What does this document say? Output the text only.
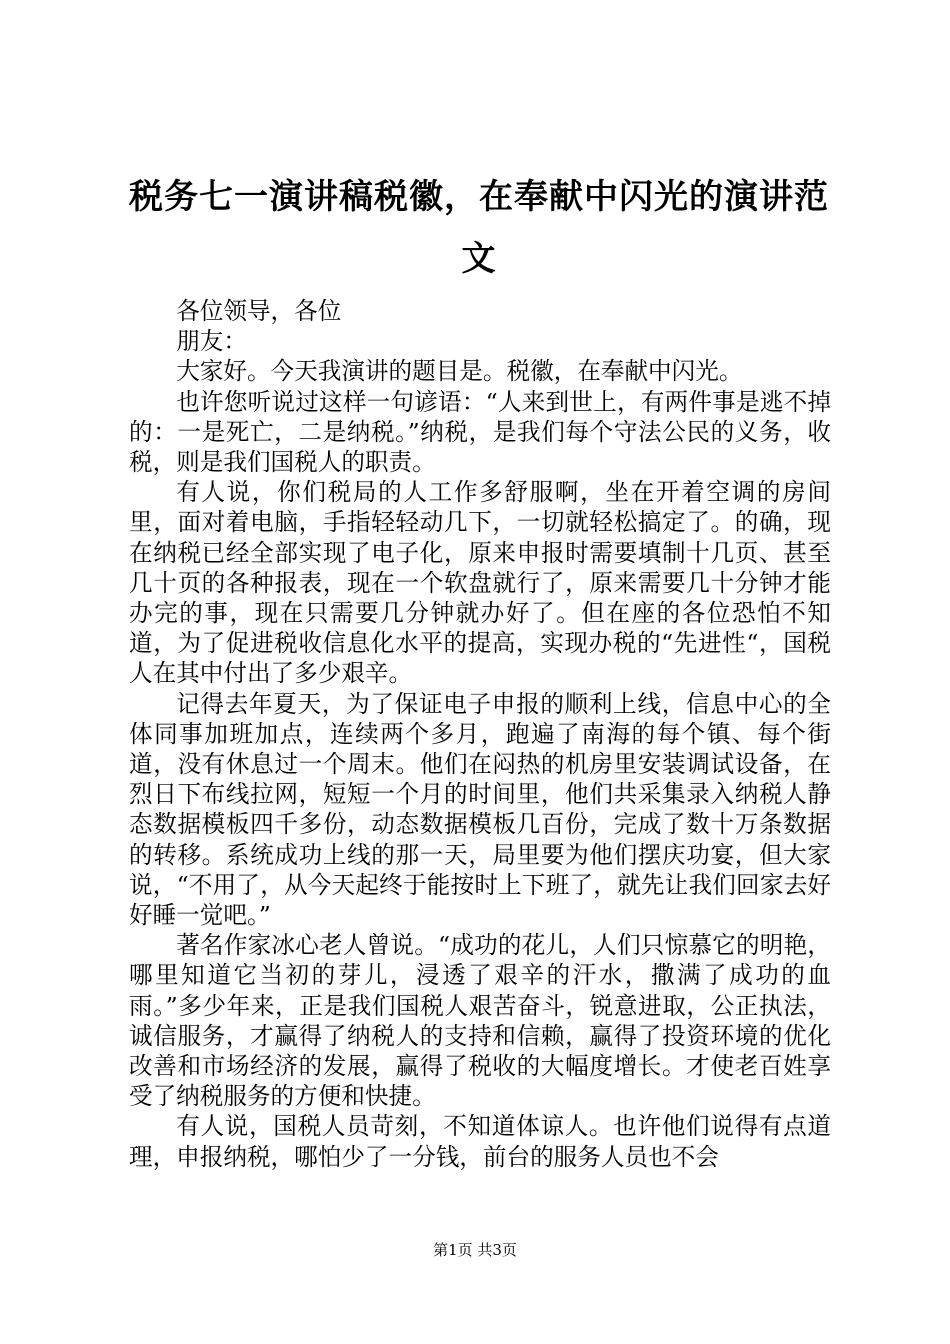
税务七一演讲稿税徽，在奉献中闪光的演讲范文

各位领导，各位

朋友：

大家好。今天我演讲的题目是。税徽，在奉献中闪光。

也许您听说过这样一句谚语：“人来到世上，有两件事是逃不掉的：一是死亡，二是纳税。”纳税，是我们每个守法公民的义务，收税，则是我们国税人的职责。

有人说，你们税局的人工作多舒服啊，坐在开着空调的房间里，面对着电脑，手指轻轻动几下，一切就轻松搞定了。的确，现在纳税已经全部实现了电子化，原来申报时需要填制十几页、甚至几十页的各种报表，现在一个软盘就行了，原来需要几十分钟才能办完的事，现在只需要几分钟就办好了。但在座的各位恐怕不知道，为了促进税收信息化水平的提高，实现办税的“先进性“，国税人在其中付出了多少艰辛。

记得去年夏天，为了保证电子申报的顺利上线，信息中心的全体同事加班加点，连续两个多月，跑遍了南海的每个镇、每个街道，没有休息过一个周末。他们在闷热的机房里安装调试设备，在烈日下布线拉网，短短一个月的时间里，他们共采集录入纳税人静态数据模板四千多份，动态数据模板几百份，完成了数十万条数据的转移。系统成功上线的那一天，局里要为他们摆庆功宴，但大家说，“不用了，从今天起终于能按时上下班了，就先让我们回家去好好睡一觉吧。”

著名作家冰心老人曾说。“成功的花儿，人们只惊慕它的明艳，哪里知道它当初的芽儿，浸透了艰辛的汗水，撒满了成功的血雨。”多少年来，正是我们国税人艰苦奋斗，锐意进取，公正执法，诚信服务，才赢得了纳税人的支持和信赖，赢得了投资环境的优化改善和市场经济的发展，赢得了税收的大幅度增长。才使老百姓享受了纳税服务的方便和快捷。

有人说，国税人员苛刻，不知道体谅人。也许他们说得有点道理，申报纳税，哪怕少了一分钱，前台的服务人员也不会

第1页 共3页
